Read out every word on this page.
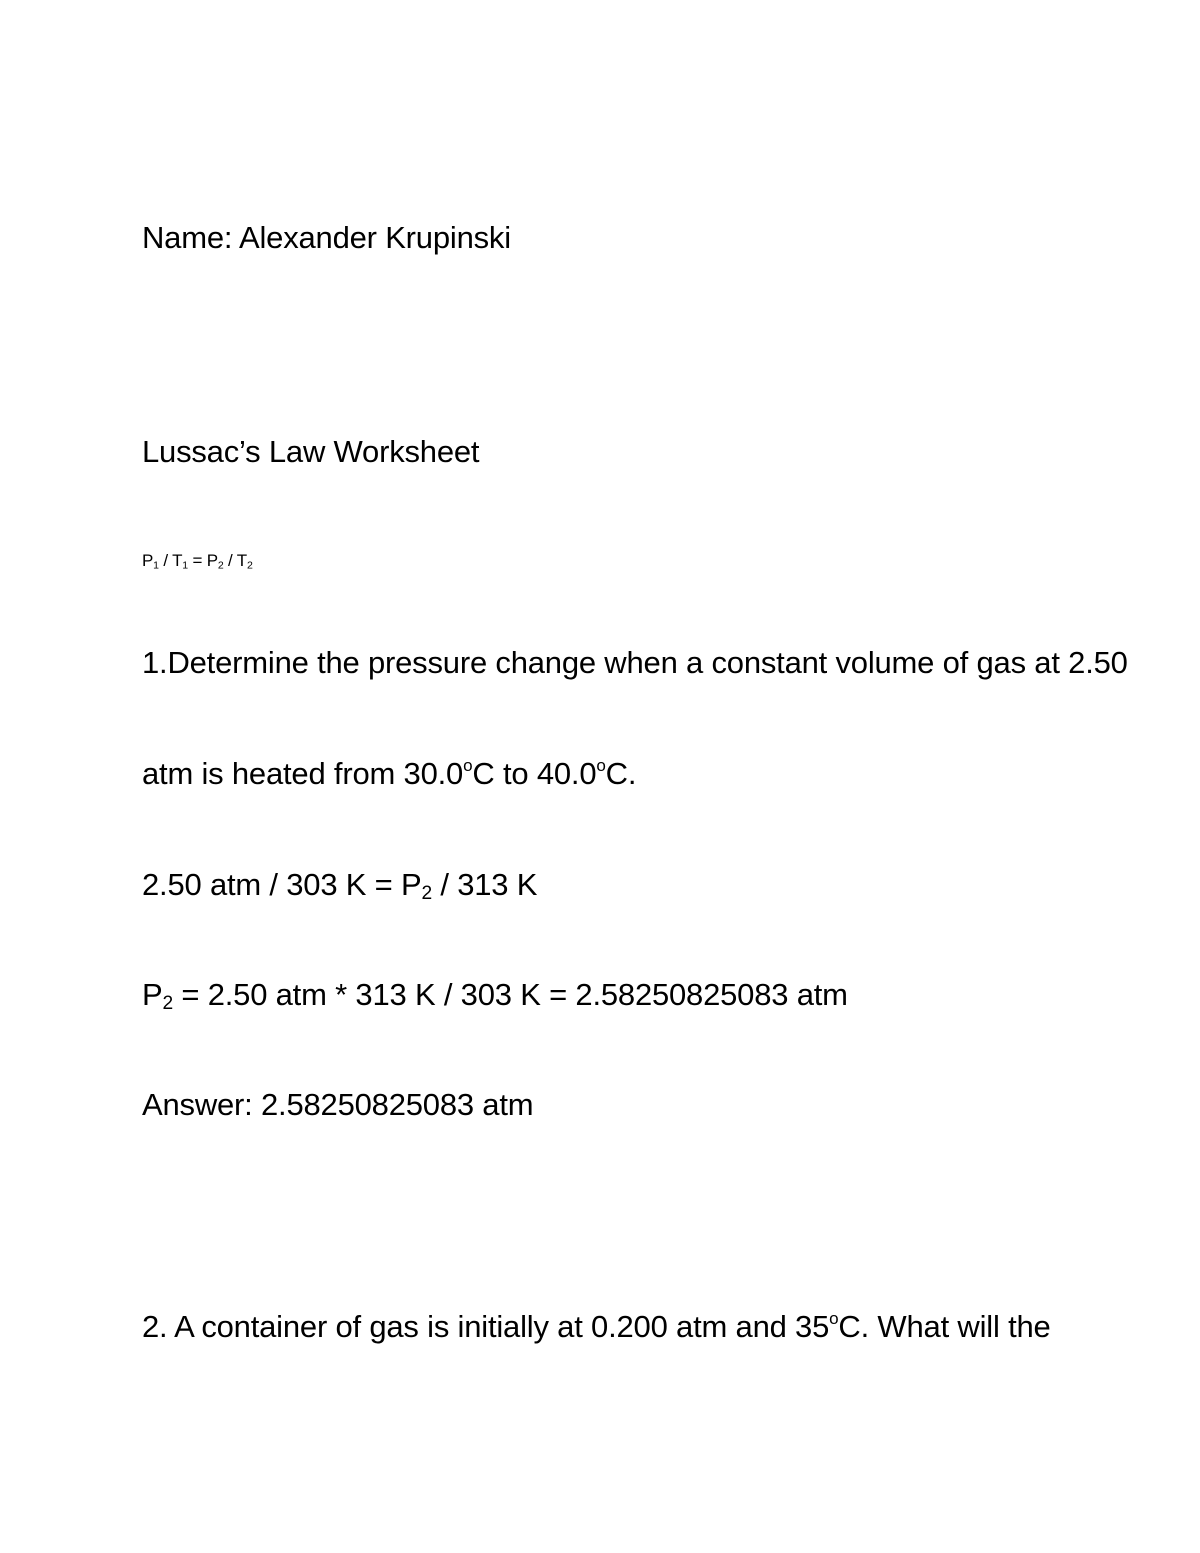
Name: Alexander Krupinski
Lussac’s Law Worksheet
$P_1 / T_1 = P_2 / T_2$
1.Determine the pressure change when a constant volume of gas at 2.50
atm is heated from 30.0$^o$C to 40.0$^o$C.
2.50 atm / 303 $K = P_2 / 313$ K
$P_2 = 2.50$ atm * 313 K / 303 K = 2.58250825083 atm
Answer: 2.58250825083 atm
2. A container of gas is initially at 0.200 atm and 35$^o$C. What will the
